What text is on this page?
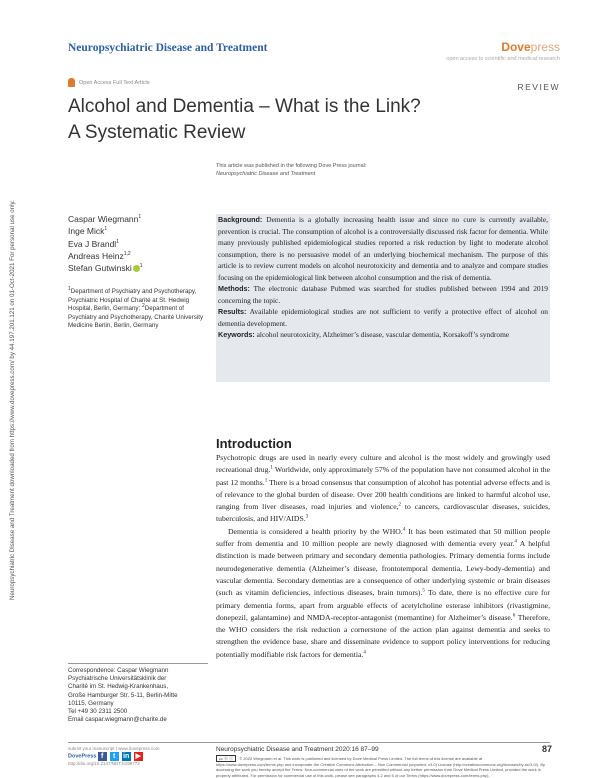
Neuropsychiatric Disease and Treatment downloaded from https://www.dovepress.com/ by 44.197.201.121 on 01-Oct-2021 For personal use only.
Neuropsychiatric Disease and Treatment	Dovepress
open access to scientific and medical research
Open Access Full Text Article	REVIEW
Alcohol and Dementia – What is the Link?
A Systematic Review
This article was published in the following Dove Press journal:
Neuropsychiatric Disease and Treatment
Caspar Wiegmann$^1$
Inge Mick$^1$
Eva J Brandl$^1$
Andreas Heinz$^{1,2}$
Stefan Gutwinski $^1$
$^1$Department of Psychiatry and Psychotherapy, Psychiatric Hospital of Charité at St. Hedwig Hospital, Berlin, Germany; $^2$Department of Psychiatry and Psychotherapy, Charité University Medicine Berlin, Berlin, Germany
Background: Dementia is a globally increasing health issue and since no cure is currently available, prevention is crucial. The consumption of alcohol is a controversially discussed risk factor for dementia. While many previously published epidemiological studies reported a risk reduction by light to moderate alcohol consumption, there is no persuasive model of an underlying biochemical mechanism. The purpose of this article is to review current models on alcohol neurotoxicity and dementia and to analyze and compare studies focusing on the epidemiological link between alcohol consumption and the risk of dementia.
Methods: The electronic database Pubmed was searched for studies published between 1994 and 2019 concerning the topic.
Results: Available epidemiological studies are not sufficient to verify a protective effect of alcohol on dementia development.
Keywords: alcohol neurotoxicity, Alzheimer’s disease, vascular dementia, Korsakoff’s syndrome
Introduction

Psychotropic drugs are used in nearly every culture and alcohol is the most widely and growingly used recreational drug.$^1$ Worldwide, only approximately 57% of the population have not consumed alcohol in the past 12 months.$^1$ There is a broad consensus that consumption of alcohol has potential adverse effects and is of relevance to the global burden of disease. Over 200 health conditions are linked to harmful alcohol use, ranging from liver diseases, road injuries and violence,$^2$ to cancers, cardiovascular diseases, suicides, tuberculosis, and HIV/AIDS.$^3$

Dementia is considered a health priority by the WHO.$^4$ It has been estimated that 50 million people suffer from dementia and 10 million people are newly diagnosed with dementia every year.$^4$ A helpful distinction is made between primary and secondary dementia pathologies. Primary dementia forms include neurodegenerative dementia (Alzheimer’s disease, frontotemporal dementia, Lewy-body-dementia) and vascular dementia. Secondary dementias are a consequence of other underlying systemic or brain diseases (such as vitamin deficiencies, infectious diseases, brain tumors).$^5$ To date, there is no effective cure for primary dementia forms, apart from arguable effects of acetylcholine esterase inhibitors (rivastigmine, donepezil, galantamine) and NMDA-receptor-antagonist (memantine) for Alzheimer’s disease.$^6$ Therefore, the WHO considers the risk reduction a cornerstone of the action plan against dementia and seeks to strengthen the evidence base, share and disseminate evidence to support policy interventions for reducing potentially modifiable risk factors for dementia.$^4$

Correspondence: Caspar Wiegmann
Psychiatrische Universitätsklinik der
Charité im St. Hedwig-Krankenhaus,
Große Hamburger Str. 5-11, Berlin-Mitte
10115, Germany
Tel +49 30 2311 2500
Email caspar.wiegmann@charite.de
submit your manuscript | www.dovepress.com
DovePress f	t	in ▶
http://doi.org/10.2147/NDT.S198772
Neuropsychiatric Disease and Treatment 2020:16 87–99	87
cc ⓑ ⓢ © 2020 Wiegmann et al. This work is published and licensed by Dove Medical Press Limited. The full terms of this license are available at https://www.dovepress.com/terms.php and incorporate the Creative Commons Attribution – Non Commercial (unported, v3.0) License (http://creativecommons.org/licenses/by-nc/3.0/). By accessing the work you hereby accept the Terms. Non-commercial uses of the work are permitted without any further permission from Dove Medical Press Limited, provided the work is properly attributed. For permission for commercial use of this work, please see paragraphs 4.2 and 5 of our Terms (https://www.dovepress.com/terms.php).
